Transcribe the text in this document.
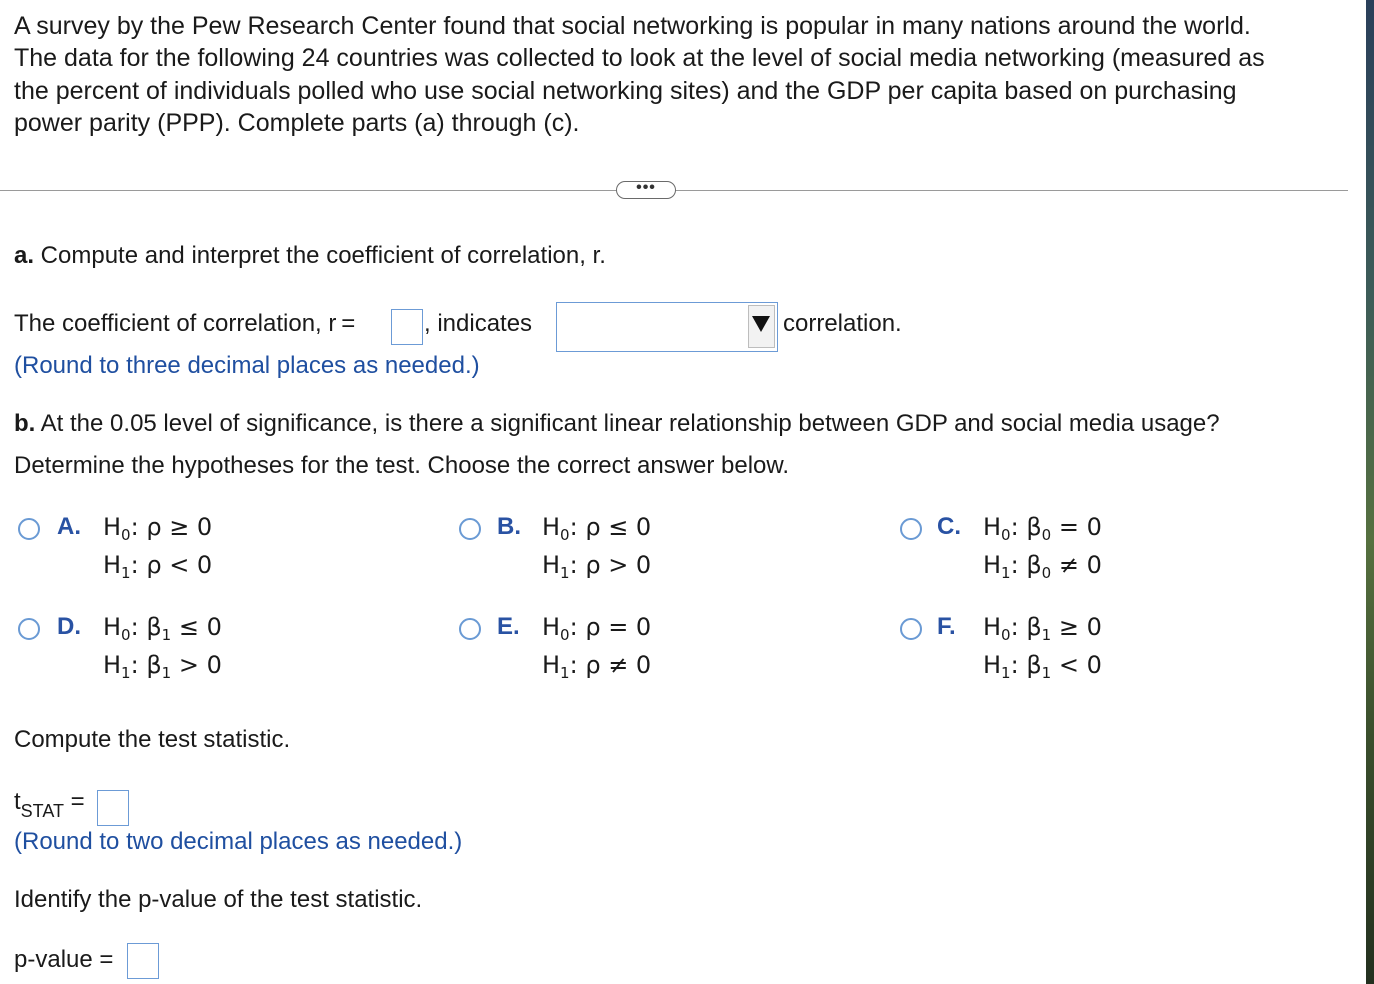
A survey by the Pew Research Center found that social networking is popular in many nations around the world.
The data for the following 24 countries was collected to look at the level of social media networking (measured as
the percent of individuals polled who use social networking sites) and the GDP per capita based on purchasing
power parity (PPP). Complete parts (a) through (c).
•••
a. Compute and interpret the coefficient of correlation, r.
The coefficient of correlation, r =	, indicates	correlation.
(Round to three decimal places as needed.)
b. At the 0.05 level of significance, is there a significant linear relationship between GDP and social media usage?
Determine the hypotheses for the test. Choose the correct answer below.
A. $H_0$: ρ ≥ 0
$H_1$: ρ < 0
B. $H_0$: ρ ≤ 0
$H_1$: ρ > 0
C. $H_0$: $\beta_0 = 0$
$H_1$: $\beta_0 \ne 0$
D. $H_0$: $\beta_1 \le 0$
$H_1$: $\beta_1 > 0$
E. $H_0$: ρ = 0
$H_1$: ρ ≠ 0
F. $H_0$: $\beta_1 \ge 0$
$H_1$: $\beta_1 < 0$
Compute the test statistic.
$t_{STAT}$ =
(Round to two decimal places as needed.)
Identify the p-value of the test statistic.
p-value =
